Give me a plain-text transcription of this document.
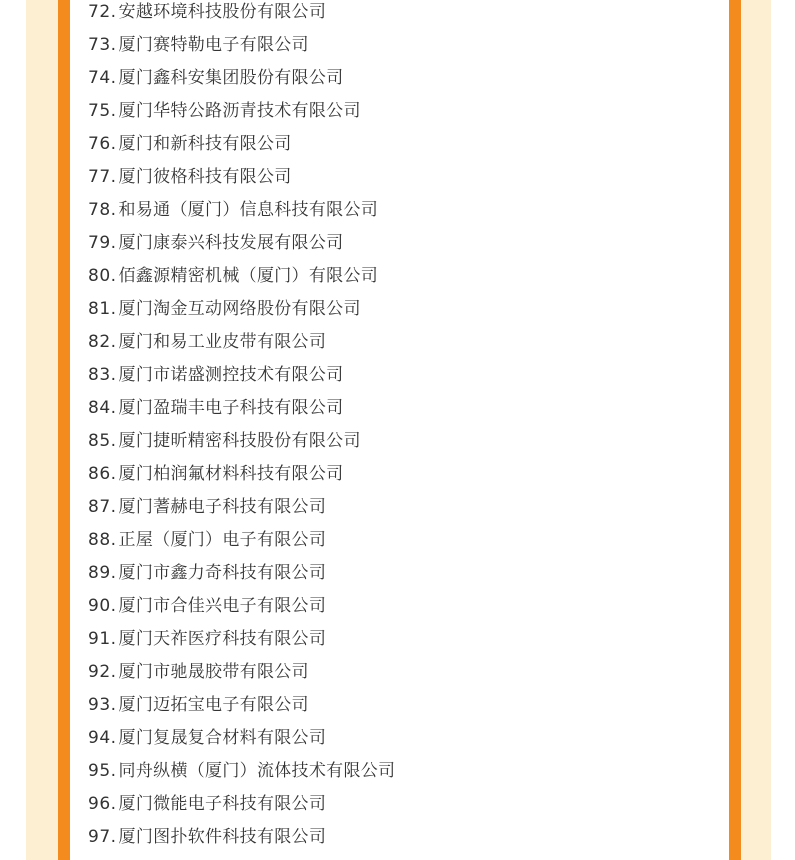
72. 安越环境科技股份有限公司
73. 厦门赛特勒电子有限公司
74. 厦门鑫科安集团股份有限公司
75. 厦门华特公路沥青技术有限公司
76. 厦门和新科技有限公司
77. 厦门彼格科技有限公司
78. 和易通（厦门）信息科技有限公司
79. 厦门康泰兴科技发展有限公司
80. 佰鑫源精密机械（厦门）有限公司
81. 厦门淘金互动网络股份有限公司
82. 厦门和易工业皮带有限公司
83. 厦门市诺盛测控技术有限公司
84. 厦门盈瑞丰电子科技有限公司
85. 厦门捷昕精密科技股份有限公司
86. 厦门柏润氟材料科技有限公司
87. 厦门蓍赫电子科技有限公司
88. 正屋（厦门）电子有限公司
89. 厦门市鑫力奇科技有限公司
90. 厦门市合佳兴电子有限公司
91. 厦门天祚医疗科技有限公司
92. 厦门市驰晟胶带有限公司
93. 厦门迈拓宝电子有限公司
94. 厦门复晟复合材料有限公司
95. 同舟纵横（厦门）流体技术有限公司
96. 厦门微能电子科技有限公司
97. 厦门图扑软件科技有限公司
